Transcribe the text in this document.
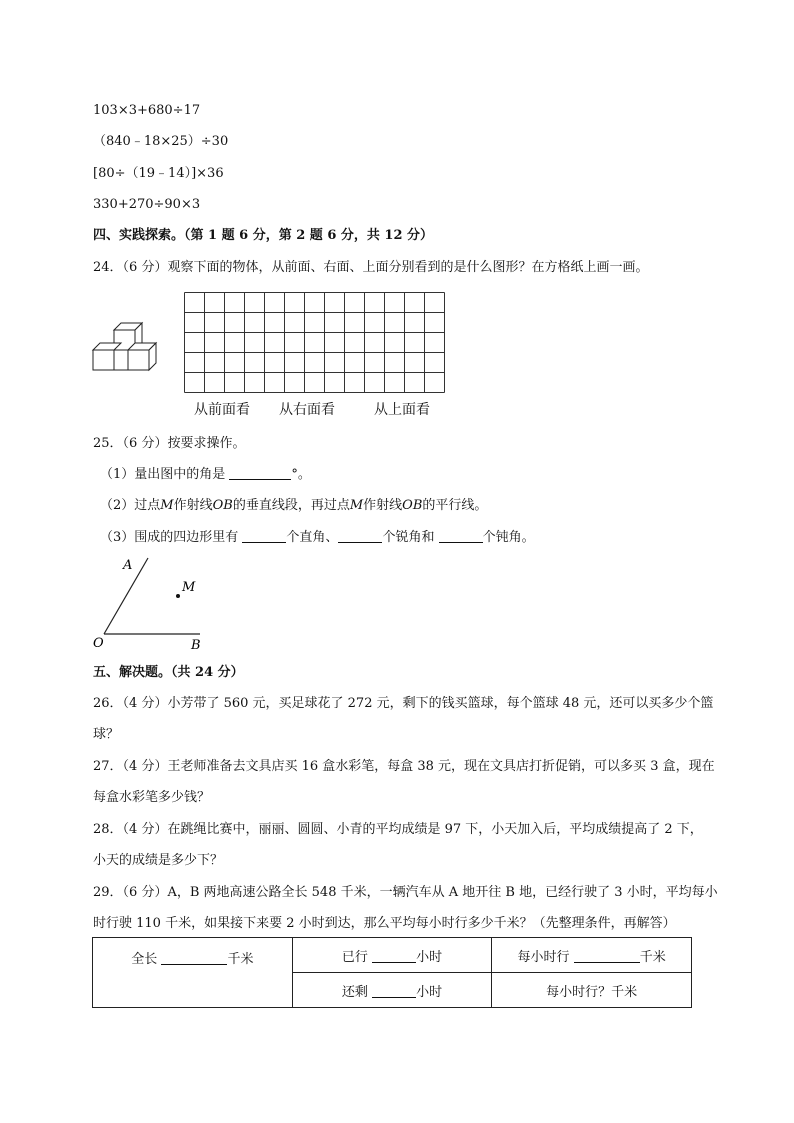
103×3+680÷17
（840﹣18×25）÷30
[80÷（19﹣14）]×36
330+270÷90×3
四、实践探索。（第 1 题 6 分，第 2 题 6 分，共 12 分）
24．（6 分）观察下面的物体，从前面、右面、上面分别看到的是什么图形？在方格纸上画一画。
从前面看 从右面看	从上面看
25．（6 分）按要求操作。
（1）量出图中的角是	°。
（2）过点M作射线OB的垂直线段，再过点M作射线OB的平行线。
（3）围成的四边形里有	个直角、	个锐角和	个钝角。
A
M
O	B
五、解决题。（共 24 分）
26．（4 分）小芳带了 560 元，买足球花了 272 元，剩下的钱买篮球，每个篮球 48 元，还可以买多少个篮
球？
27．（4 分）王老师准备去文具店买 16 盒水彩笔，每盒 38 元，现在文具店打折促销，可以多买 3 盒，现在
每盒水彩笔多少钱？
28．（4 分）在跳绳比赛中，丽丽、圆圆、小青的平均成绩是 97 下，小天加入后，平均成绩提高了 2 下，
小天的成绩是多少下？
29．（6 分）A，B 两地高速公路全长 548 千米，一辆汽车从 A 地开往 B 地，已经行驶了 3 小时，平均每小
时行驶 110 千米，如果接下来要 2 小时到达，那么平均每小时行多少千米？（先整理条件，再解答）
全长 千米	已行 小时	每小时行 千米
	还剩 小时	每小时行？千米
